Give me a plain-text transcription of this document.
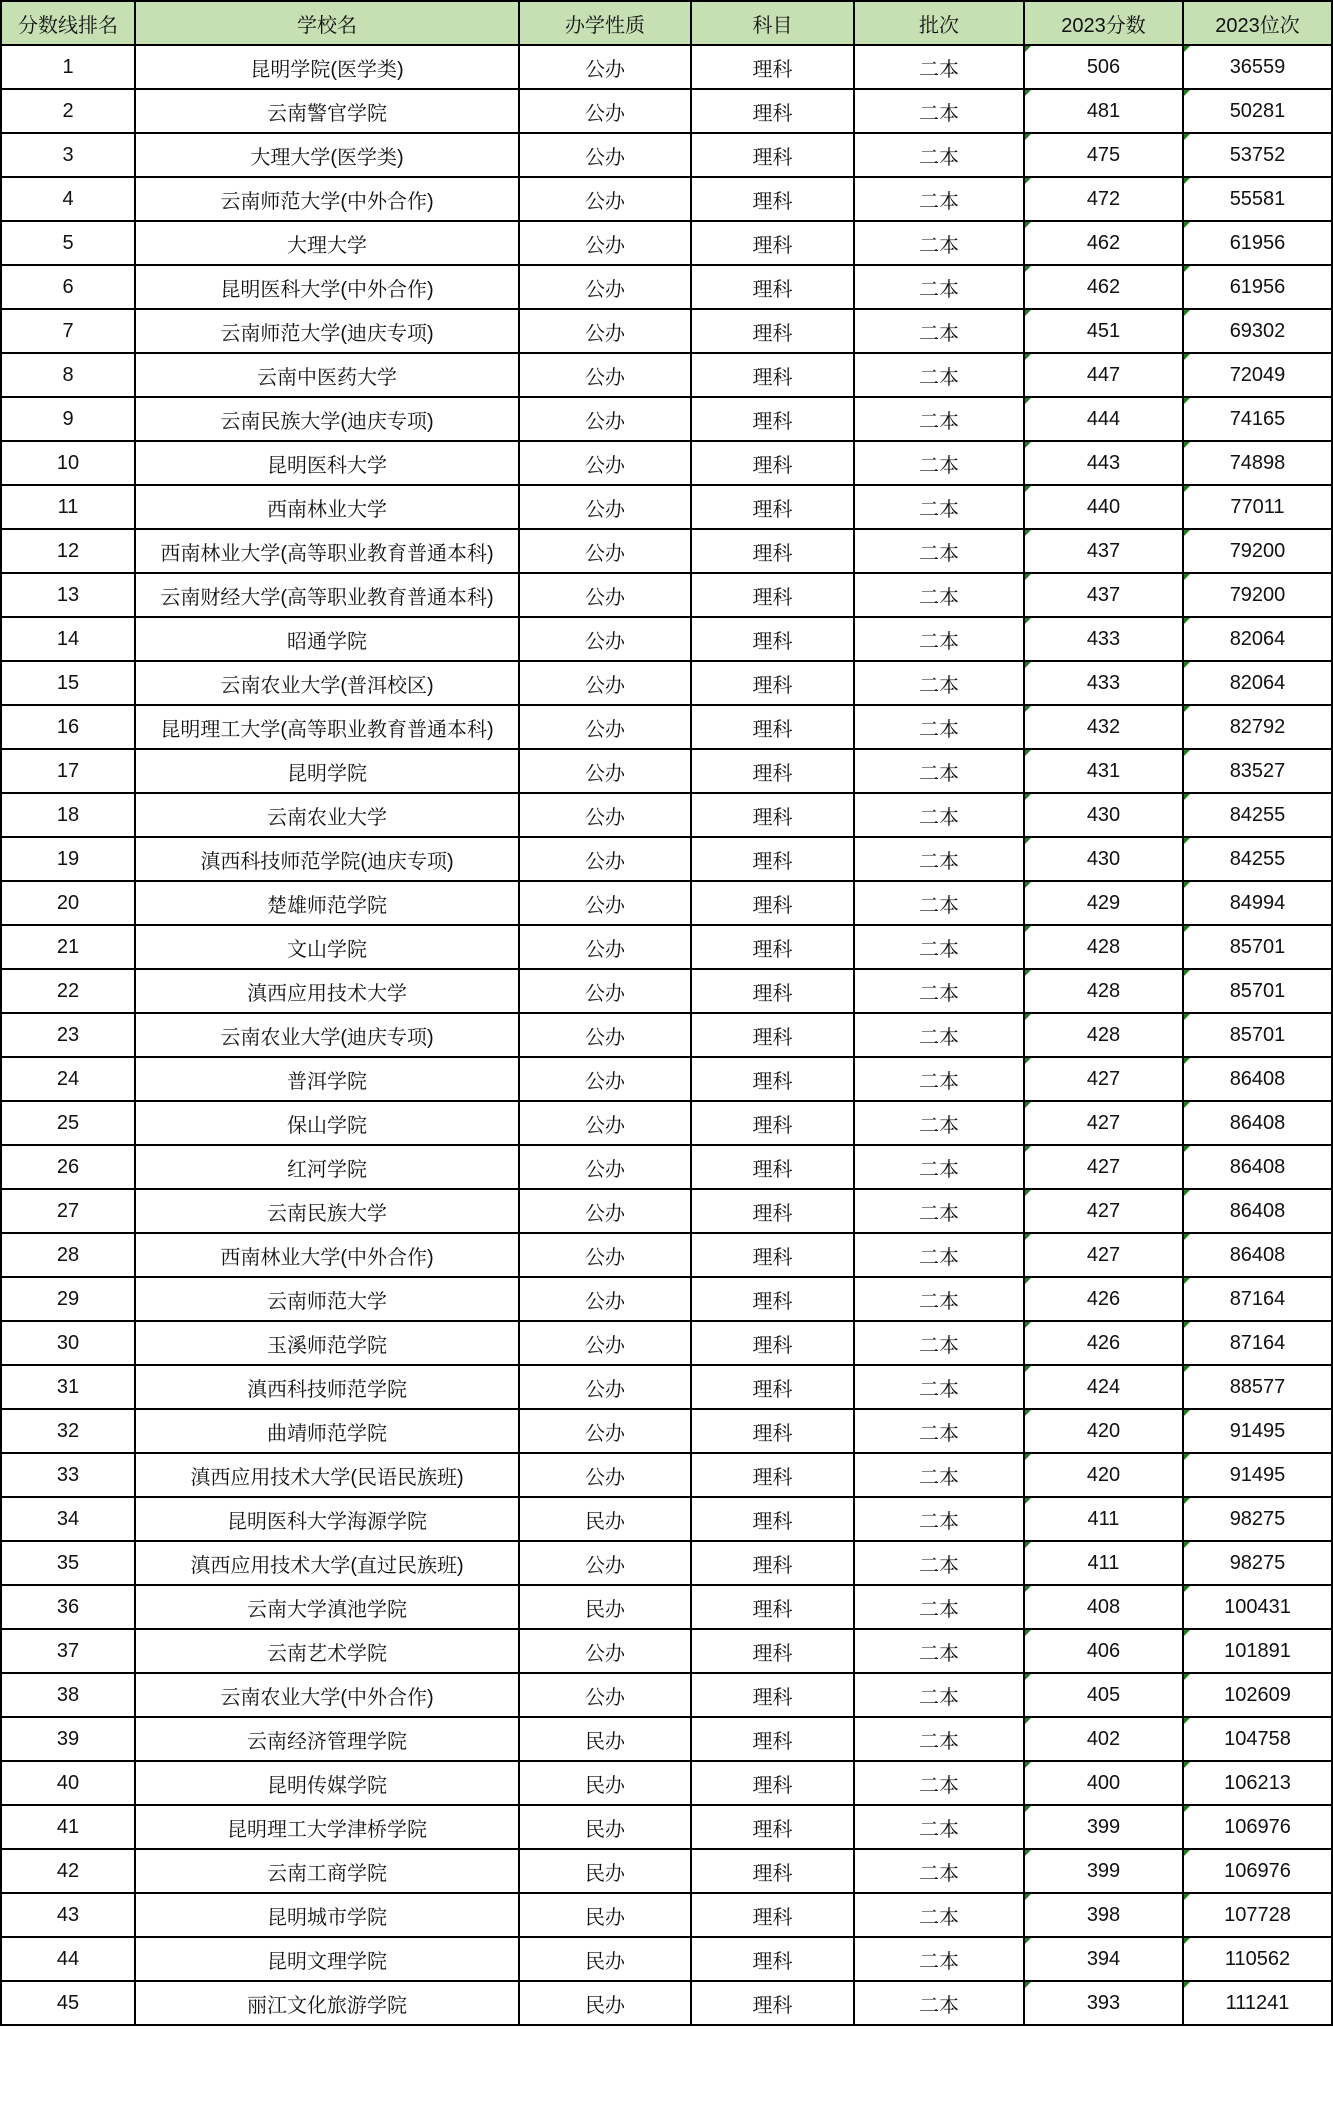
分数线排名	学校名	办学性质	科目	批次	2023分数	2023位次
1	昆明学院(医学类)	公办	理科	二本	506	36559
2	云南警官学院	公办	理科	二本	481	50281
3	大理大学(医学类)	公办	理科	二本	475	53752
4	云南师范大学(中外合作)	公办	理科	二本	472	55581
5	大理大学	公办	理科	二本	462	61956
6	昆明医科大学(中外合作)	公办	理科	二本	462	61956
7	云南师范大学(迪庆专项)	公办	理科	二本	451	69302
8	云南中医药大学	公办	理科	二本	447	72049
9	云南民族大学(迪庆专项)	公办	理科	二本	444	74165
10	昆明医科大学	公办	理科	二本	443	74898
11	西南林业大学	公办	理科	二本	440	77011
12	西南林业大学(高等职业教育普通本科)	公办	理科	二本	437	79200
13	云南财经大学(高等职业教育普通本科)	公办	理科	二本	437	79200
14	昭通学院	公办	理科	二本	433	82064
15	云南农业大学(普洱校区)	公办	理科	二本	433	82064
16	昆明理工大学(高等职业教育普通本科)	公办	理科	二本	432	82792
17	昆明学院	公办	理科	二本	431	83527
18	云南农业大学	公办	理科	二本	430	84255
19	滇西科技师范学院(迪庆专项)	公办	理科	二本	430	84255
20	楚雄师范学院	公办	理科	二本	429	84994
21	文山学院	公办	理科	二本	428	85701
22	滇西应用技术大学	公办	理科	二本	428	85701
23	云南农业大学(迪庆专项)	公办	理科	二本	428	85701
24	普洱学院	公办	理科	二本	427	86408
25	保山学院	公办	理科	二本	427	86408
26	红河学院	公办	理科	二本	427	86408
27	云南民族大学	公办	理科	二本	427	86408
28	西南林业大学(中外合作)	公办	理科	二本	427	86408
29	云南师范大学	公办	理科	二本	426	87164
30	玉溪师范学院	公办	理科	二本	426	87164
31	滇西科技师范学院	公办	理科	二本	424	88577
32	曲靖师范学院	公办	理科	二本	420	91495
33	滇西应用技术大学(民语民族班)	公办	理科	二本	420	91495
34	昆明医科大学海源学院	民办	理科	二本	411	98275
35	滇西应用技术大学(直过民族班)	公办	理科	二本	411	98275
36	云南大学滇池学院	民办	理科	二本	408	100431
37	云南艺术学院	公办	理科	二本	406	101891
38	云南农业大学(中外合作)	公办	理科	二本	405	102609
39	云南经济管理学院	民办	理科	二本	402	104758
40	昆明传媒学院	民办	理科	二本	400	106213
41	昆明理工大学津桥学院	民办	理科	二本	399	106976
42	云南工商学院	民办	理科	二本	399	106976
43	昆明城市学院	民办	理科	二本	398	107728
44	昆明文理学院	民办	理科	二本	394	110562
45	丽江文化旅游学院	民办	理科	二本	393	111241
